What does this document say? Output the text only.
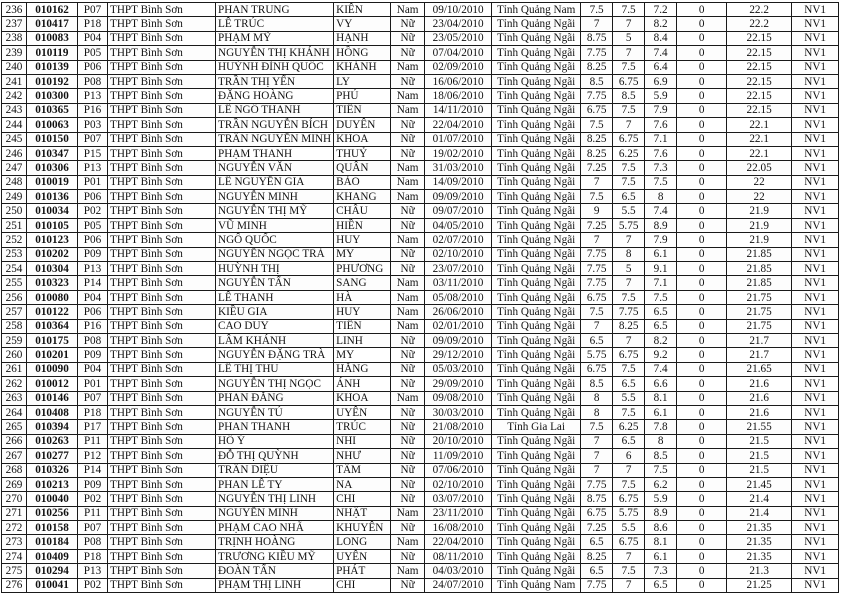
236	010162	P07	THPT Bình Sơn	PHAN TRUNG	KIÊN	Nam	09/10/2010	Tỉnh Quảng Nam	7.5	7.5	7.2	0	22.2	NV1
237	010417	P18	THPT Bình Sơn	LÊ TRÚC	VY	Nữ	23/04/2010	Tỉnh Quảng Ngãi	7	7	8.2	0	22.2	NV1
238	010083	P04	THPT Bình Sơn	PHẠM MỸ	HẠNH	Nữ	23/05/2010	Tỉnh Quảng Ngãi	8.75	5	8.4	0	22.15	NV1
239	010119	P05	THPT Bình Sơn	NGUYỄN THỊ KHÁNH	HỒNG	Nữ	07/04/2010	Tỉnh Quảng Ngãi	7.75	7	7.4	0	22.15	NV1
240	010139	P06	THPT Bình Sơn	HUỲNH ĐÌNH QUỐC	KHÁNH	Nam	02/09/2010	Tỉnh Quảng Ngãi	8.25	7.5	6.4	0	22.15	NV1
241	010192	P08	THPT Bình Sơn	TRẦN THỊ YẾN	LY	Nữ	16/06/2010	Tỉnh Quảng Ngãi	8.5	6.75	6.9	0	22.15	NV1
242	010300	P13	THPT Bình Sơn	ĐẶNG HOÀNG	PHÚ	Nam	18/06/2010	Tỉnh Quảng Ngãi	7.75	8.5	5.9	0	22.15	NV1
243	010365	P16	THPT Bình Sơn	LÊ NGÔ THANH	TIẾN	Nam	14/11/2010	Tỉnh Quảng Ngãi	6.75	7.5	7.9	0	22.15	NV1
244	010063	P03	THPT Bình Sơn	TRẦN NGUYỄN BÍCH	DUYÊN	Nữ	22/04/2010	Tỉnh Quảng Ngãi	7.5	7	7.6	0	22.1	NV1
245	010150	P07	THPT Bình Sơn	TRẦN NGUYỄN MINH	KHOA	Nữ	01/07/2010	Tỉnh Quảng Ngãi	8.25	6.75	7.1	0	22.1	NV1
246	010347	P15	THPT Bình Sơn	PHẠM THANH	THUỶ	Nữ	19/02/2010	Tỉnh Quảng Ngãi	8.25	6.25	7.6	0	22.1	NV1
247	010306	P13	THPT Bình Sơn	NGUYỄN VĂN	QUÂN	Nam	31/03/2010	Tỉnh Quảng Ngãi	7.25	7.5	7.3	0	22.05	NV1
248	010019	P01	THPT Bình Sơn	LÊ NGUYỄN GIA	BẢO	Nam	14/09/2010	Tỉnh Quảng Ngãi	7	7.5	7.5	0	22	NV1
249	010136	P06	THPT Bình Sơn	NGUYỄN MINH	KHANG	Nam	09/09/2010	Tỉnh Quảng Ngãi	7.5	6.5	8	0	22	NV1
250	010034	P02	THPT Bình Sơn	NGUYỄN THỊ MỸ	CHÂU	Nữ	09/07/2010	Tỉnh Quảng Ngãi	9	5.5	7.4	0	21.9	NV1
251	010105	P05	THPT Bình Sơn	VŨ MINH	HIỀN	Nữ	04/05/2010	Tỉnh Quảng Ngãi	7.25	5.75	8.9	0	21.9	NV1
252	010123	P06	THPT Bình Sơn	NGÔ QUỐC	HUY	Nam	02/07/2010	Tỉnh Quảng Ngãi	7	7	7.9	0	21.9	NV1
253	010202	P09	THPT Bình Sơn	NGUYỄN NGỌC TRÀ	MY	Nữ	02/10/2010	Tỉnh Quảng Ngãi	7.75	8	6.1	0	21.85	NV1
254	010304	P13	THPT Bình Sơn	HUỲNH THỊ	PHƯƠNG	Nữ	23/07/2010	Tỉnh Quảng Ngãi	7.75	5	9.1	0	21.85	NV1
255	010323	P14	THPT Bình Sơn	NGUYỄN TẤN	SANG	Nam	03/11/2010	Tỉnh Quảng Ngãi	7.75	7	7.1	0	21.85	NV1
256	010080	P04	THPT Bình Sơn	LÊ THANH	HÀ	Nam	05/08/2010	Tỉnh Quảng Ngãi	6.75	7.5	7.5	0	21.75	NV1
257	010122	P06	THPT Bình Sơn	KIỀU GIA	HUY	Nam	26/06/2010	Tỉnh Quảng Ngãi	7.5	7.75	6.5	0	21.75	NV1
258	010364	P16	THPT Bình Sơn	CAO DUY	TIẾN	Nam	02/01/2010	Tỉnh Quảng Ngãi	7	8.25	6.5	0	21.75	NV1
259	010175	P08	THPT Bình Sơn	LÂM KHÁNH	LINH	Nữ	09/09/2010	Tỉnh Quảng Ngãi	6.5	7	8.2	0	21.7	NV1
260	010201	P09	THPT Bình Sơn	NGUYỄN ĐẶNG TRÀ	MY	Nữ	29/12/2010	Tỉnh Quảng Ngãi	5.75	6.75	9.2	0	21.7	NV1
261	010090	P04	THPT Bình Sơn	LÊ THỊ THU	HẰNG	Nữ	05/03/2010	Tỉnh Quảng Ngãi	6.75	7.5	7.4	0	21.65	NV1
262	010012	P01	THPT Bình Sơn	NGUYỄN THỊ NGỌC	ÁNH	Nữ	29/09/2010	Tỉnh Quảng Ngãi	8.5	6.5	6.6	0	21.6	NV1
263	010146	P07	THPT Bình Sơn	PHAN ĐĂNG	KHOA	Nam	09/08/2010	Tỉnh Quảng Ngãi	8	5.5	8.1	0	21.6	NV1
264	010408	P18	THPT Bình Sơn	NGUYỄN TÚ	UYÊN	Nữ	30/03/2010	Tỉnh Quảng Ngãi	8	7.5	6.1	0	21.6	NV1
265	010394	P17	THPT Bình Sơn	PHAN THANH	TRÚC	Nữ	21/08/2010	Tỉnh Gia Lai	7.5	6.25	7.8	0	21.55	NV1
266	010263	P11	THPT Bình Sơn	HỒ Ý	NHI	Nữ	20/10/2010	Tỉnh Quảng Ngãi	7	6.5	8	0	21.5	NV1
267	010277	P12	THPT Bình Sơn	ĐỖ THỊ QUỲNH	NHƯ	Nữ	11/09/2010	Tỉnh Quảng Ngãi	7	6	8.5	0	21.5	NV1
268	010326	P14	THPT Bình Sơn	TRẦN DIỆU	TÂM	Nữ	07/06/2010	Tỉnh Quảng Ngãi	7	7	7.5	0	21.5	NV1
269	010213	P09	THPT Bình Sơn	PHAN LÊ TY	NA	Nữ	02/10/2010	Tỉnh Quảng Ngãi	7.75	7.5	6.2	0	21.45	NV1
270	010040	P02	THPT Bình Sơn	NGUYỄN THỊ LINH	CHI	Nữ	03/07/2010	Tỉnh Quảng Ngãi	8.75	6.75	5.9	0	21.4	NV1
271	010256	P11	THPT Bình Sơn	NGUYỄN MINH	NHẬT	Nam	23/11/2010	Tỉnh Quảng Ngãi	6.75	5.75	8.9	0	21.4	NV1
272	010158	P07	THPT Bình Sơn	PHẠM CAO NHÃ	KHUYÊN	Nữ	16/08/2010	Tỉnh Quảng Ngãi	7.25	5.5	8.6	0	21.35	NV1
273	010184	P08	THPT Bình Sơn	TRỊNH HOÀNG	LONG	Nam	22/04/2010	Tỉnh Quảng Ngãi	6.5	6.75	8.1	0	21.35	NV1
274	010409	P18	THPT Bình Sơn	TRƯƠNG KIỀU MỸ	UYÊN	Nữ	08/11/2010	Tỉnh Quảng Ngãi	8.25	7	6.1	0	21.35	NV1
275	010294	P13	THPT Bình Sơn	ĐOÀN TẤN	PHÁT	Nam	04/03/2010	Tỉnh Quảng Ngãi	6.5	7.5	7.3	0	21.3	NV1
276	010041	P02	THPT Bình Sơn	PHẠM THỊ LINH	CHI	Nữ	24/07/2010	Tỉnh Quảng Nam	7.75	7	6.5	0	21.25	NV1
